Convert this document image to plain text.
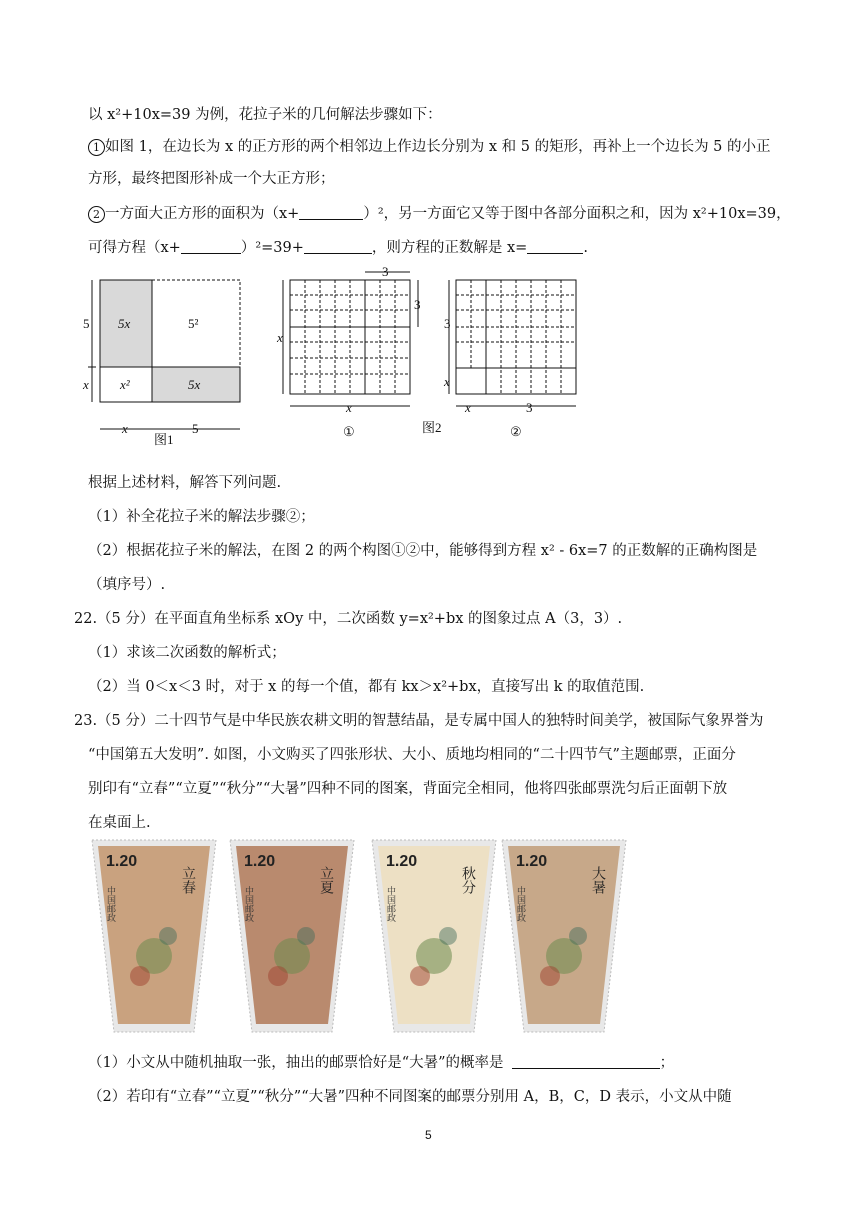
以 x²+10x=39 为例，花拉子米的几何解法步骤如下：
1 如图 1，在边长为 x 的正方形的两个相邻边上作边长分别为 x 和 5 的矩形，再补上一个边长为 5 的小正
方形，最终把图形补成一个大正方形；
2 一方面大正方形的面积为（x+	）²，另一方面它又等于图中各部分面积之和，因为 x²+10x=39，
可得方程（x+	）²=39+	，则方程的正数解是 x=	.
5x	5²
x²	5x
5
x
x	5
图1
3
3
x
x
①
3
x
x	3
②
图2
根据上述材料，解答下列问题.
（1）补全花拉子米的解法步骤②；
（2）根据花拉子米的解法，在图 2 的两个构图①②中，能够得到方程 x² - 6x=7 的正数解的正确构图是
（填序号）.
22.（5 分）在平面直角坐标系 xOy 中，二次函数 y=x²+bx 的图象过点 A（3，3）.
（1）求该二次函数的解析式；
（2）当 0＜x＜3 时，对于 x 的每一个值，都有 kx＞x²+bx，直接写出 k 的取值范围.
23.（5 分）二十四节气是中华民族农耕文明的智慧结晶，是专属中国人的独特时间美学，被国际气象界誉为
“中国第五大发明”. 如图，小文购买了四张形状、大小、质地均相同的“二十四节气”主题邮票，正面分
别印有“立春”“立夏”“秋分”“大暑”四种不同的图案，背面完全相同，他将四张邮票洗匀后正面朝下放
在桌面上.
1.20
立春
中国邮政
1.20
立夏
中国邮政
1.20
秋分
中国邮政
1.20
大暑
中国邮政
（1）小文从中随机抽取一张，抽出的邮票恰好是“大暑”的概率是	；
（2）若印有“立春”“立夏”“秋分”“大暑”四种不同图案的邮票分别用 A，B，C，D 表示，小文从中随
5
